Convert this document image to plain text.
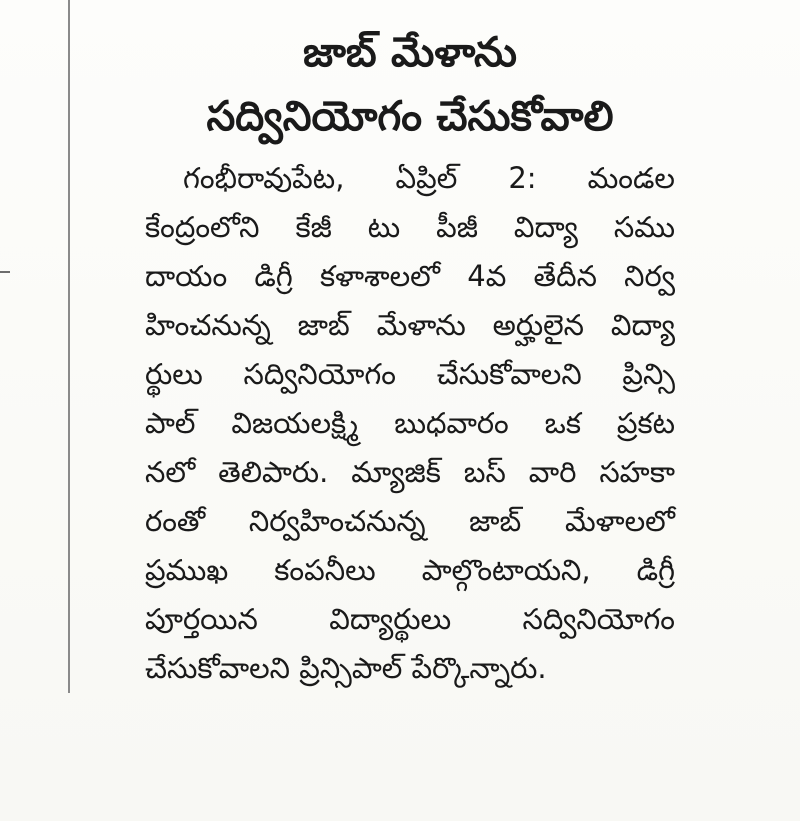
జాబ్ మేళాను
సద్వినియోగం చేసుకోవాలి
గంభీరావుపేట, ఏప్రిల్ 2: మండల
కేంద్రంలోని కేజీ టు పీజీ విద్యా సము
దాయం డిగ్రీ కళాశాలలో 4వ తేదీన నిర్వ
హించనున్న జాబ్ మేళాను అర్హులైన విద్యా
ర్థులు సద్వినియోగం చేసుకోవాలని ప్రిన్సి
పాల్ విజయలక్ష్మి బుధవారం ఒక ప్రకట
నలో తెలిపారు. మ్యాజిక్ బస్ వారి సహకా
రంతో నిర్వహించనున్న జాబ్ మేళాలలో
ప్రముఖ కంపనీలు పాల్గొంటాయని, డిగ్రీ
పూర్తయిన విద్యార్థులు సద్వినియోగం
చేసుకోవాలని ప్రిన్సిపాల్ పేర్కొన్నారు.
